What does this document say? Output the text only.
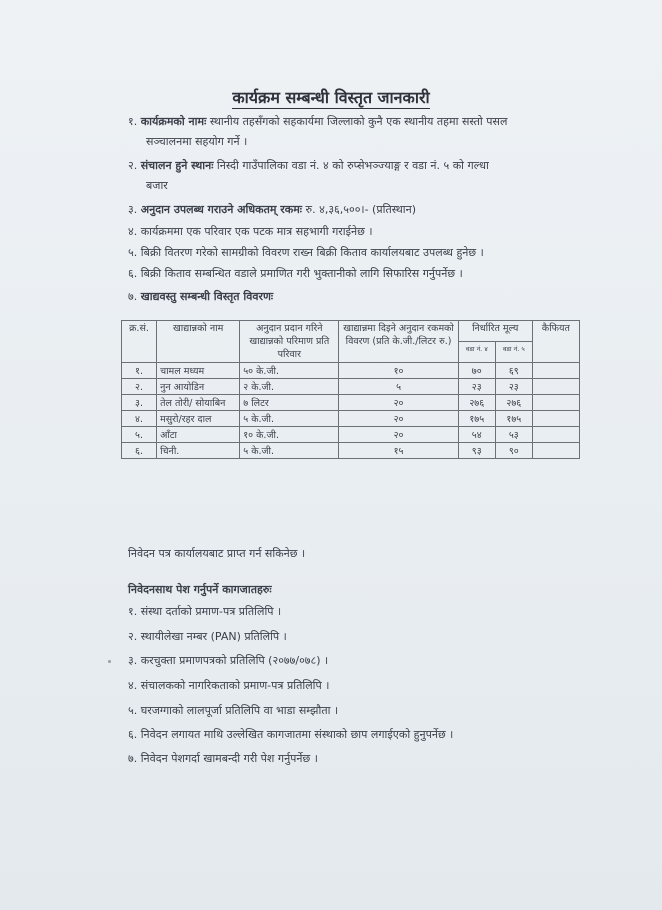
कार्यक्रम सम्बन्धी विस्तृत जानकारी
१. कार्यक्रमको नामः स्थानीय तहसँगको सहकार्यमा जिल्लाको कुनै एक स्थानीय तहमा सस्तो पसल
सञ्चालनमा सहयोग गर्ने ।
२. संचालन हुने स्थानः निस्दी गाउँपालिका वडा नं. ४ को रुप्सेभञ्ज्याङ्ग र वडा नं. ५ को गल्धा
बजार
३. अनुदान उपलब्ध गराउने अधिकतम् रकमः रु. ४,३६,५००।- (प्रतिस्थान)
४. कार्यक्रममा एक परिवार एक पटक मात्र सहभागी गराईनेछ ।
५. बिक्री वितरण गरेको सामग्रीको विवरण राख्न बिक्री किताव कार्यालयबाट उपलब्ध हुनेछ ।
६. बिक्री किताव सम्बन्धित वडाले प्रमाणित गरी भुक्तानीको लागि सिफारिस गर्नुपर्नेछ ।
७. खाद्यवस्तु सम्बन्धी विस्तृत विवरणः
क्र.सं.	खाद्यान्नको नाम	अनुदान प्रदान गरिने खाद्यान्नको परिमाण प्रति परिवार	खाद्यान्नमा दिइने अनुदान रकमको विवरण (प्रति के.जी./लिटर रु.)	निर्धारित मूल्य		कैफियत
				वडा नं. ४	वडा नं. ५	
१.	चामल मध्यम	५० के.जी.	१०	७०	६९	
२.	नुन आयोडिन	२ के.जी.	५	२३	२३	
३.	तेल तोरी/ सोयाबिन	७ लिटर	२०	२७६	२७६	
४.	मसुरो/रहर दाल	५ के.जी.	२०	१७५	१७५	
५.	आँटा	१० के.जी.	२०	५४	५३	
६.	चिनी.	५ के.जी.	१५	९३	९०	
निवेदन पत्र कार्यालयबाट प्राप्त गर्न सकिनेछ ।
निवेदनसाथ पेश गर्नुपर्ने कागजातहरुः
१. संस्था दर्ताको प्रमाण-पत्र प्रतिलिपि ।
२. स्थायीलेखा नम्बर (PAN) प्रतिलिपि ।
३. करचुक्ता प्रमाणपत्रको प्रतिलिपि (२०७७/०७८) ।
४. संचालकको नागरिकताको प्रमाण-पत्र प्रतिलिपि ।
५. घरजग्गाको लालपूर्जा प्रतिलिपि वा भाडा सम्झौता ।
६. निवेदन लगायत माथि उल्लेखित कागजातमा संस्थाको छाप लगाईएको हुनुपर्नेछ ।
७. निवेदन पेशगर्दा खामबन्दी गरी पेश गर्नुपर्नेछ ।
